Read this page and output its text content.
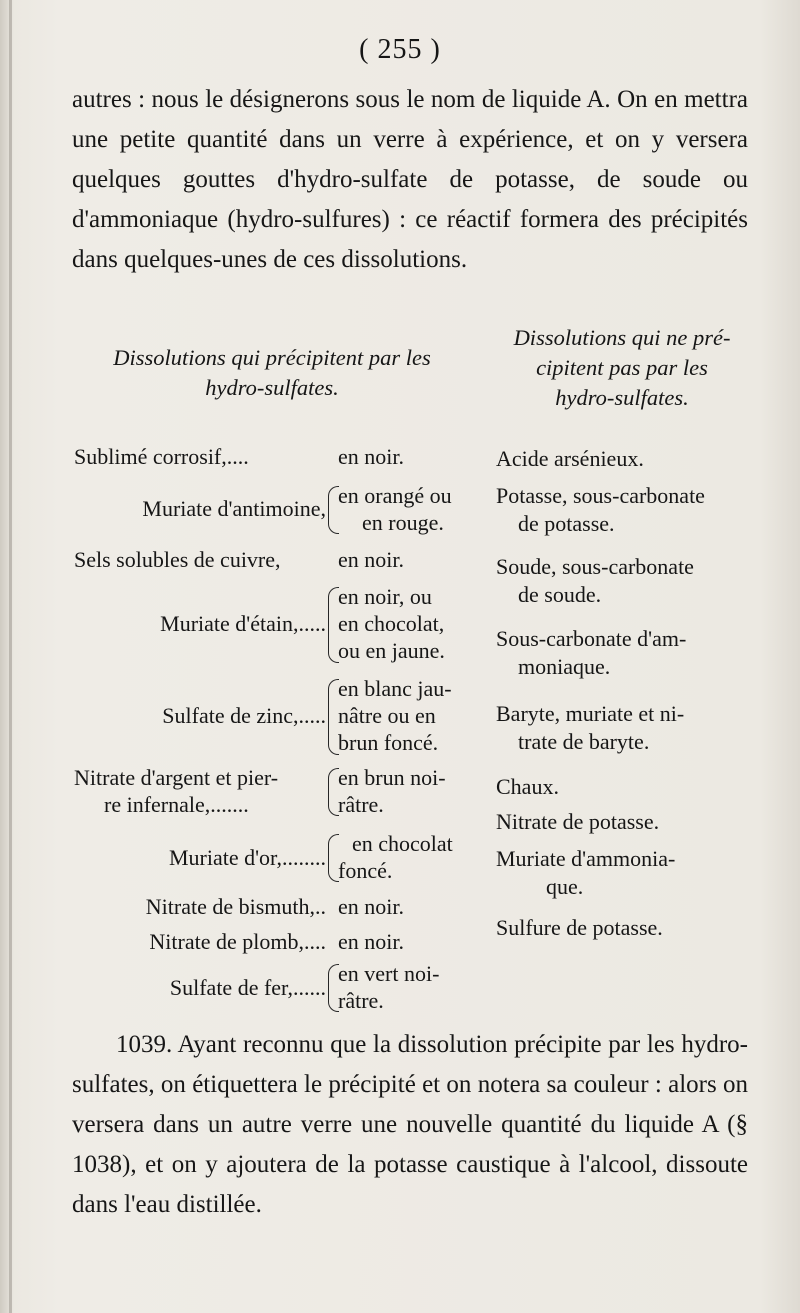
( 255 )

autres : nous le désignerons sous le nom de liquide A. On en mettra une petite quantité dans un verre à expérience, et on y versera quelques gouttes d'hydro-sulfate de potasse, de soude ou d'ammoniaque (hydro-sulfures) : ce réactif formera des précipités dans quelques-unes de ces dissolutions.

Dissolutions qui précipitent par les
hydro-sulfates.
Dissolutions qui ne pré-
cipitent pas par les
hydro-sulfates.
Sublimé corrosif,....	en noir.
Muriate d'antimoine,
en orangé ou
en rouge.
Sels solubles de cuivre,	en noir.
Muriate d'étain,.....
en noir, ou
en chocolat,
ou en jaune.
Sulfate de zinc,.....
en blanc jau-
nâtre ou en
brun foncé.
Nitrate d'argent et pier-
re infernale,.......
en brun noi-
râtre.
Muriate d'or,........
en chocolat
foncé.
Nitrate de bismuth,.. en noir.
Nitrate de plomb,.... en noir.
Sulfate de fer,......
en vert noi-
râtre.
Acide arsénieux.
Potasse, sous-carbonate
de potasse.
Soude, sous-carbonate
de soude.
Sous-carbonate d'am-
moniaque.
Baryte, muriate et ni-
trate de baryte.
Chaux.
Nitrate de potasse.
Muriate d'ammonia-
que.
Sulfure de potasse.

1039. Ayant reconnu que la dissolution précipite par les hydro-sulfates, on étiquettera le précipité et on notera sa couleur : alors on versera dans un autre verre une nouvelle quantité du liquide A (§ 1038), et on y ajoutera de la potasse caustique à l'alcool, dissoute dans l'eau distillée.
